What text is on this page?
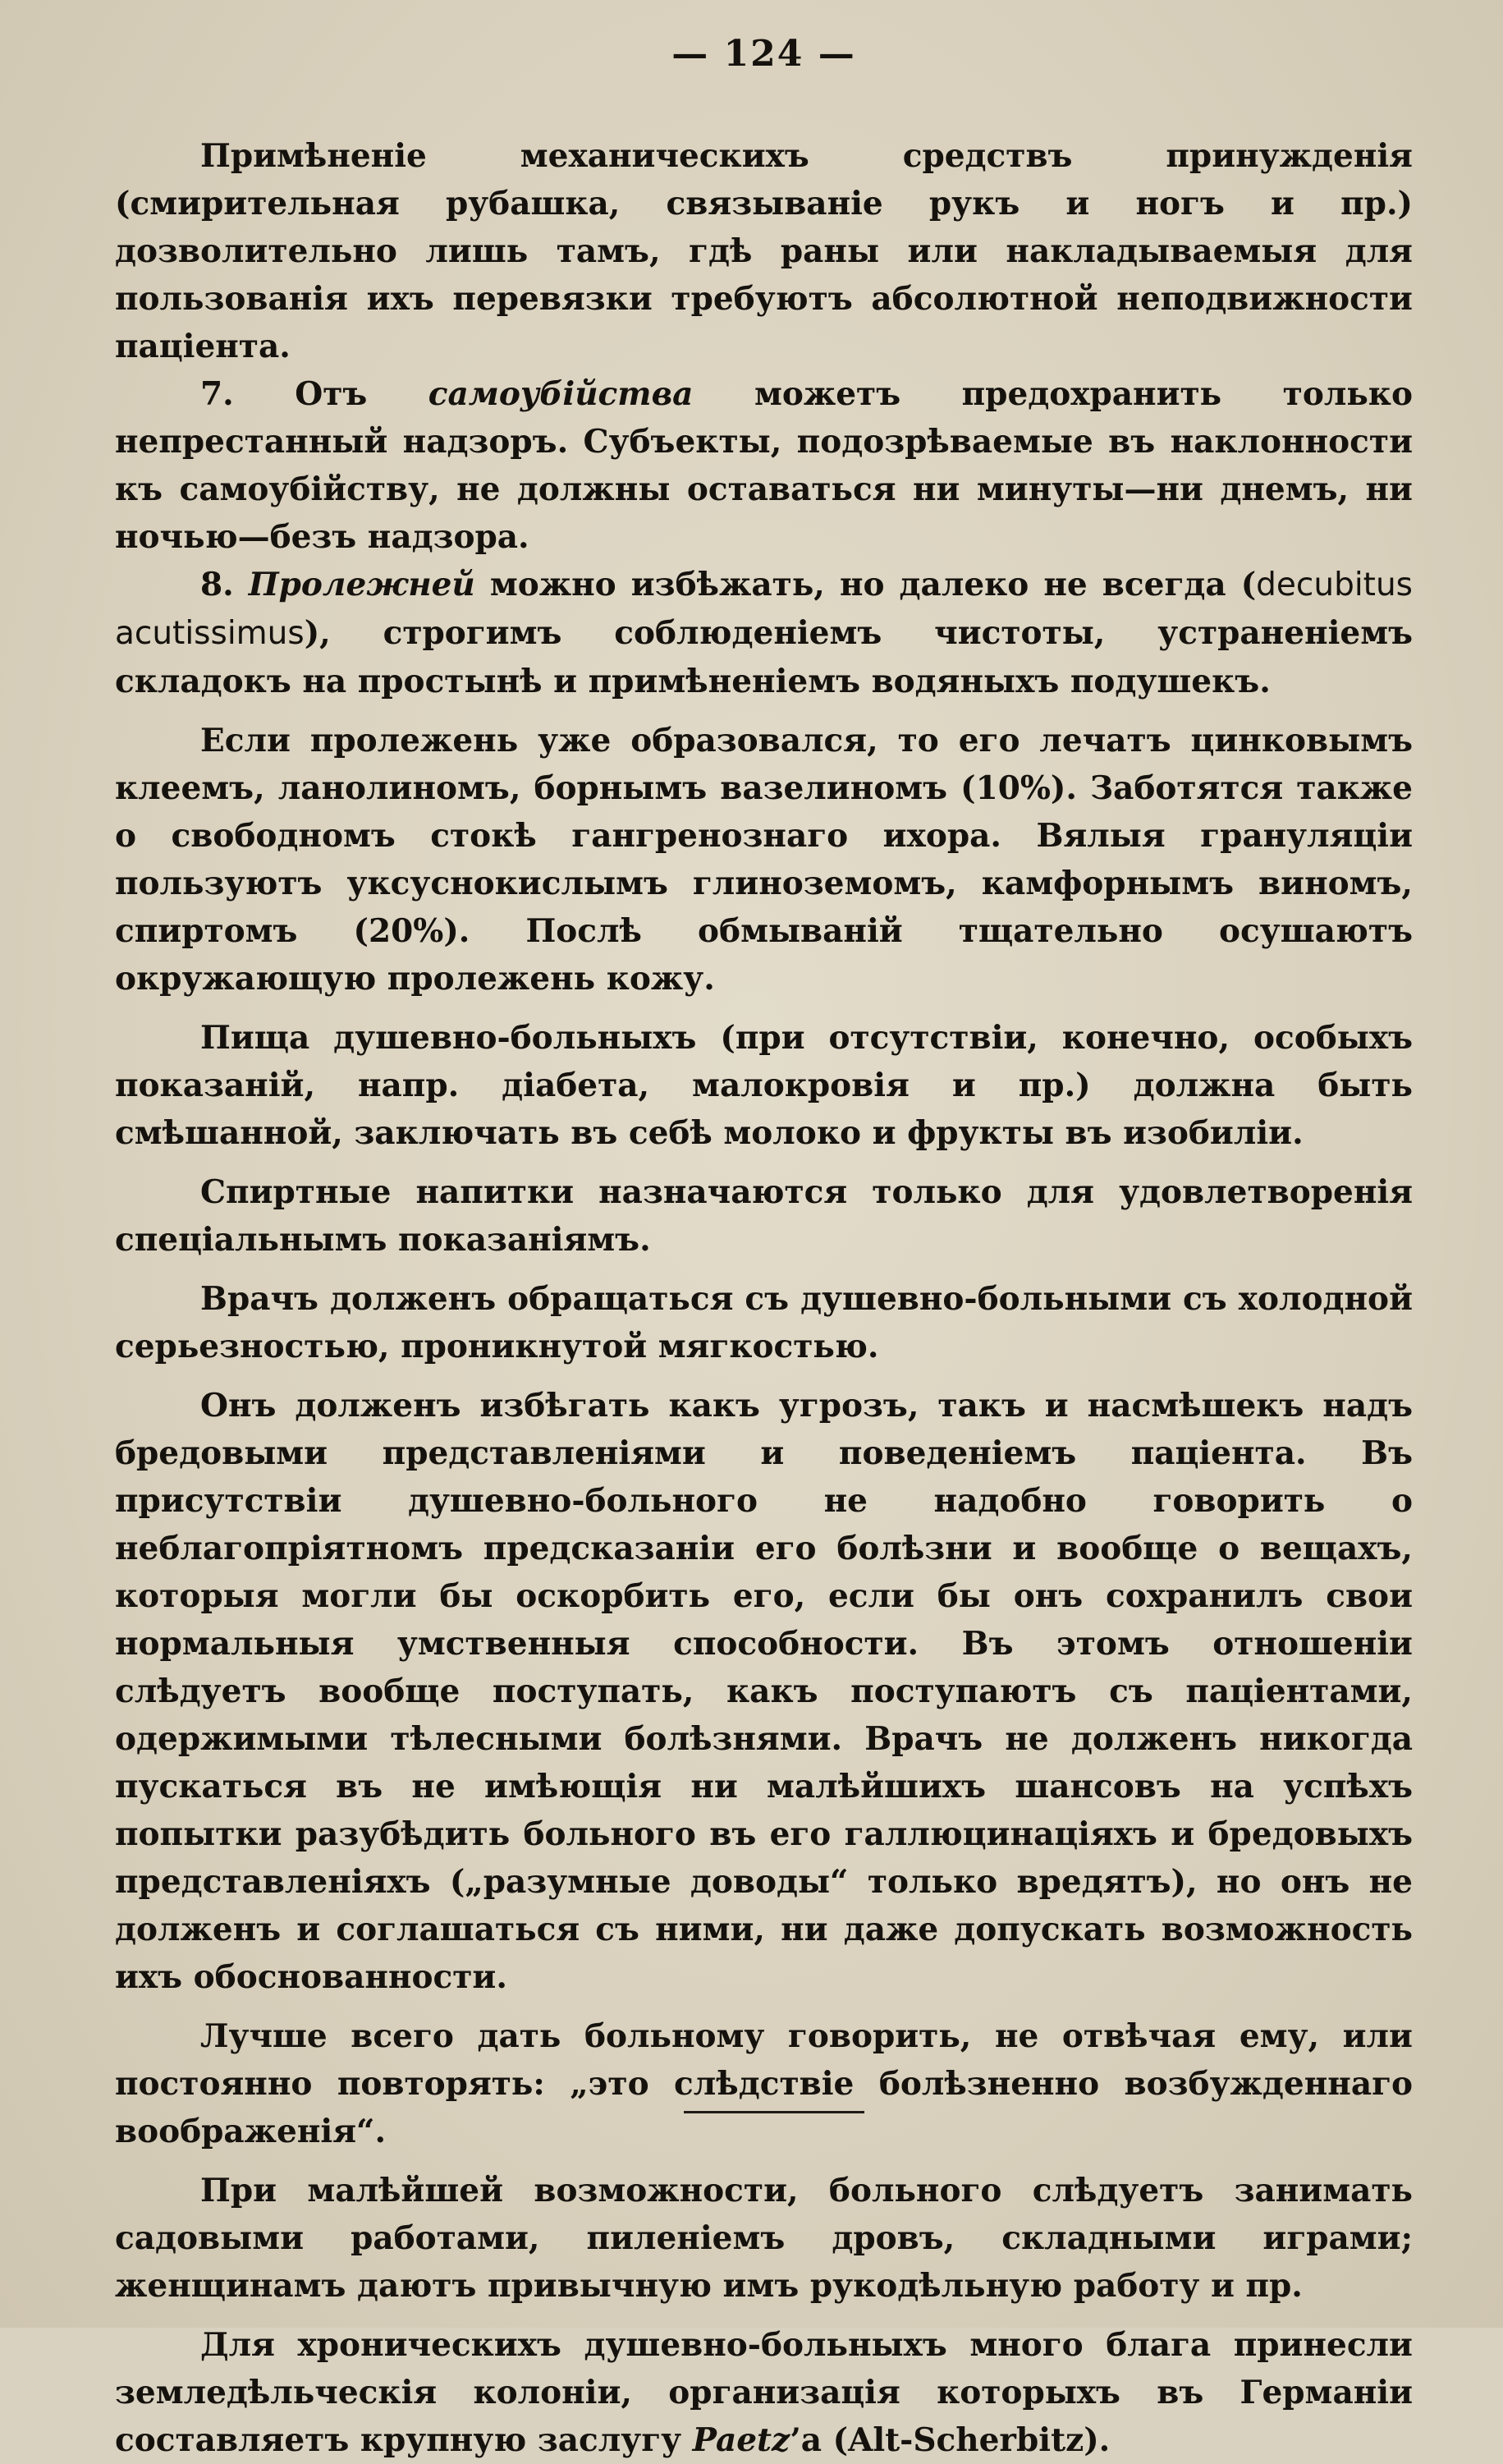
— 124 —

Примѣненіе механическихъ средствъ принужденія (смирительная рубашка, связываніе рукъ и ногъ и пр.) дозволительно лишь тамъ, гдѣ раны или накладываемыя для пользованія ихъ перевязки требуютъ абсолютной неподвижности паціента.

7. Отъ самоубійства можетъ предохранить только непрестанный надзоръ. Субъекты, подозрѣваемые въ наклонности къ самоубійству, не должны оставаться ни минуты—ни днемъ, ни ночью—безъ надзора.

8. Пролежней можно избѣжать, но далеко не всегда (decubitus acutissimus), строгимъ соблюденіемъ чистоты, устраненіемъ складокъ на простынѣ и примѣненіемъ водяныхъ подушекъ.

Если пролежень уже образовался, то его лечатъ цинковымъ клеемъ, ланолиномъ, борнымъ вазелиномъ (10%). Заботятся также о свободномъ стокѣ гангренознаго ихора. Вялыя грануляціи пользуютъ уксуснокислымъ глиноземомъ, камфорнымъ виномъ, спиртомъ (20%). Послѣ обмываній тщательно осушаютъ окружающую пролежень кожу.

Пища душевно-больныхъ (при отсутствіи, конечно, особыхъ показаній, напр. діабета, малокровія и пр.) должна быть смѣшанной, заключать въ себѣ молоко и фрукты въ изобиліи.

Спиртные напитки назначаются только для удовлетворенія спеціальнымъ показаніямъ.

Врачъ долженъ обращаться съ душевно-больными съ холодной серьезностью, проникнутой мягкостью.

Онъ долженъ избѣгать какъ угрозъ, такъ и насмѣшекъ надъ бредовыми представленіями и поведеніемъ паціента. Въ присутствіи душевно-больного не надобно говорить о неблагопріятномъ предсказаніи его болѣзни и вообще о вещахъ, которыя могли бы оскорбить его, если бы онъ сохранилъ свои нормальныя умственныя способности. Въ этомъ отношеніи слѣдуетъ вообще поступать, какъ поступаютъ съ паціентами, одержимыми тѣлесными болѣзнями. Врачъ не долженъ никогда пускаться въ не имѣющія ни малѣйшихъ шансовъ на успѣхъ попытки разубѣдить больного въ его галлюцинаціяхъ и бредовыхъ представленіяхъ („разумные доводы“ только вредятъ), но онъ не долженъ и соглашаться съ ними, ни даже допускать возможность ихъ обоснованности.

Лучше всего дать больному говорить, не отвѣчая ему, или постоянно повторять: „это слѣдствіе болѣзненно возбужденнаго воображенія“.

При малѣйшей возможности, больного слѣдуетъ занимать садовыми работами, пиленіемъ дровъ, складными играми; женщинамъ даютъ привычную имъ рукодѣльную работу и пр.

Для хроническихъ душевно-больныхъ много блага принесли земледѣльческія колоніи, организація которыхъ въ Германіи составляетъ крупную заслугу Paetz’а (Alt-Scherbitz).
